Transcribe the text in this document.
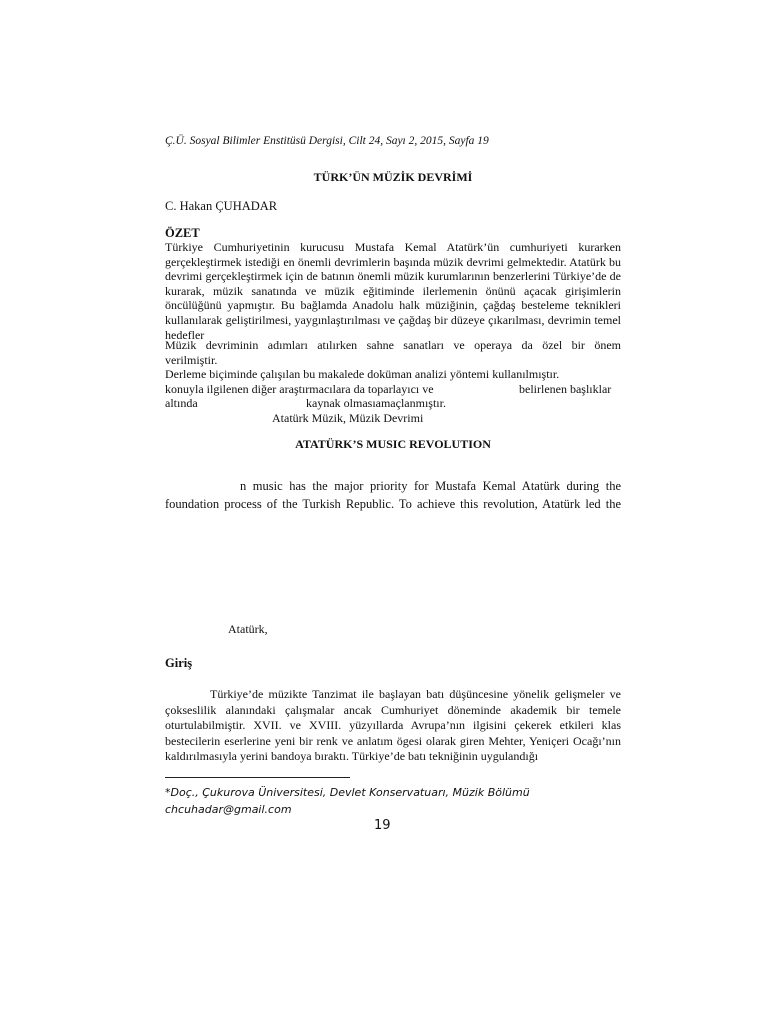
Ç.Ü. Sosyal Bilimler Enstitüsü Dergisi, Cilt 24, Sayı 2, 2015, Sayfa 19
TÜRK’ÜN MÜZİK DEVRİMİ
C. Hakan ÇUHADAR
ÖZET
Türkiye Cumhuriyetinin kurucusu Mustafa Kemal Atatürk’ün cumhuriyeti kurarken gerçekleştirmek istediği en önemli devrimlerin başında müzik devrimi gelmektedir. Atatürk bu devrimi gerçekleştirmek için de batının önemli müzik kurumlarının benzerlerini Türkiye’de de kurarak, müzik sanatında ve müzik eğitiminde ilerlemenin önünü açacak girişimlerin öncülüğünü yapmıştır. Bu bağlamda Anadolu halk müziğinin, çağdaş besteleme teknikleri kullanılarak geliştirilmesi, yaygınlaştırılması ve çağdaş bir düzeye çıkarılması, devrimin temel hedefler
Müzik devriminin adımları atılırken sahne sanatları ve operaya da özel bir önem
verilmiştir.
Derleme biçiminde çalışılan bu makalede doküman analizi yöntemi kullanılmıştır.
konuyla ilgilenen diğer araştırmacılara da toparlayıcı ve	belirlenen başlıklar
altında	kaynak olmasıamaçlanmıştır.
Atatürk Müzik, Müzik Devrimi
ATATÜRK’S MUSIC REVOLUTION
n music has the major priority for Mustafa Kemal Atatürk during the
foundation process of the Turkish Republic. To achieve this revolution, Atatürk led the
Atatürk,
Giriş
Türkiye’de müzikte Tanzimat ile başlayan batı düşüncesine yönelik gelişmeler ve çokseslilik alanındaki çalışmalar ancak Cumhuriyet döneminde akademik bir temele oturtulabilmiştir. XVII. ve XVIII. yüzyıllarda Avrupa’nın ilgisini çekerek etkileri klas bestecilerin eserlerine yeni bir renk ve anlatım ögesi olarak giren Mehter, Yeniçeri Ocağı’nın kaldırılmasıyla yerini bandoya bıraktı. Türkiye’de batı tekniğinin uygulandığı
*Doç., Çukurova Üniversitesi, Devlet Konservatuarı, Müzik Bölümü
chcuhadar@gmail.com
19
